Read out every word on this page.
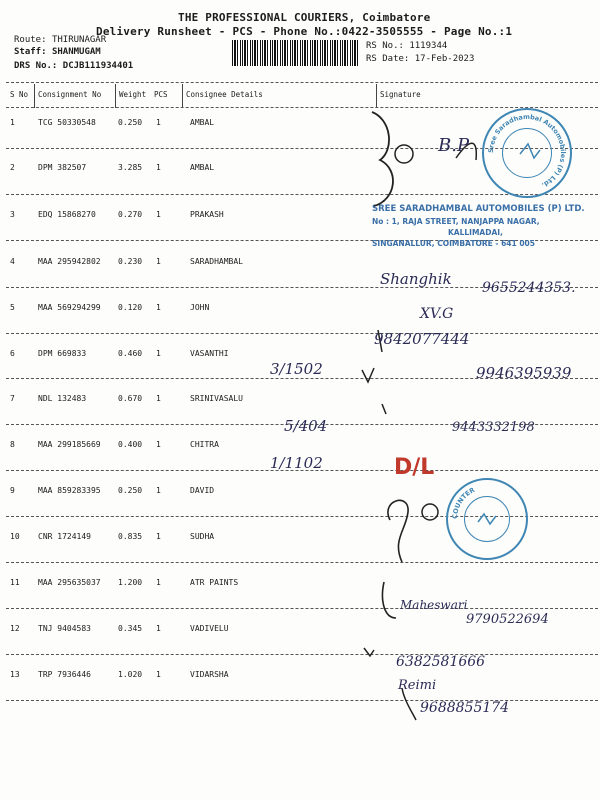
THE PROFESSIONAL COURIERS, Coimbatore
Delivery Runsheet - PCS - Phone No.:0422-3505555 - Page No.:1
Route: THIRUNAGAR
Staff: SHANMUGAM
DRS No.: DCJB111934401
RS No.: 1119344
RS Date: 17-Feb-2023
S No Consignment No Weight PCS Consignee Details	Signature
1	TCG 50330548	0.250 1	AMBAL
2	DPM 382507	3.285 1	AMBAL
3	EDQ 15868270	0.270 1	PRAKASH
4	MAA 295942802 0.230 1	SARADHAMBAL
5	MAA 569294299 0.120 1	JOHN
6	DPM 669833	0.460 1	VASANTHI
7	NDL 132483	0.670 1	SRINIVASALU
8	MAA 299185669 0.400 1	CHITRA
9	MAA 859283395 0.250 1	DAVID
10 CNR 1724149	0.835 1	SUDHA
11 MAA 295635037 1.200 1	ATR PAINTS
12 TNJ 9404583	0.345 1	VADIVELU
13 TRP 7936446	1.020 1	VIDARSHA
SREE SARADHAMBAL AUTOMOBILES (P) LTD.
No : 1, RAJA STREET, NANJAPPA NAGAR,
KALLIMADAI,
SINGANALLUR, COIMBATORE - 641 005
Sree Saradhambal Automobiles (P) Ltd.
COUNTER
B.P
Shanghik 9655244353.
XV.G
9842077444
3/1502	9946395939
5/404	9443332198
1/1102	D/L
Maheswari
9790522694
6382581666
Reimi
9688855174
